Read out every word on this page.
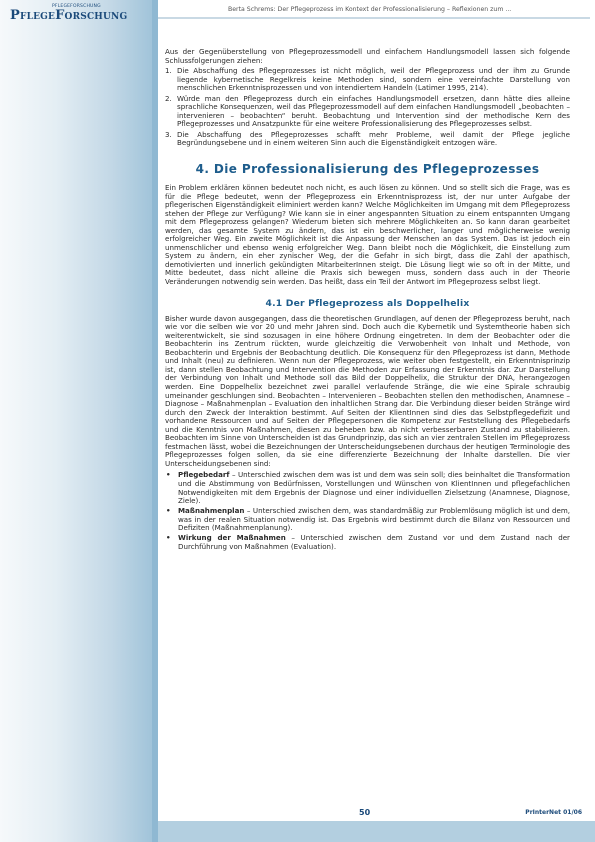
PFLEGEFORSCHUNG
PflegeForschung	Berta Schrems: Der Pflegeprozess im Kontext der Professionalisierung – Reflexionen zum ...

Aus der Gegenüberstellung von Pflegeprozessmodell und einfachem Handlungsmodell lassen sich folgende Schlussfolgerungen ziehen:

1. Die Abschaffung des Pflegeprozesses ist nicht möglich, weil der Pflegeprozess und der ihm zu Grunde liegende kybernetische Regelkreis keine Methoden sind, sondern eine vereinfachte Darstellung von menschlichen Erkenntnisprozessen und von intendiertem Handeln (Latimer 1995, 214).
2. Würde man den Pflegeprozess durch ein einfaches Handlungsmodell ersetzen, dann hätte dies alleine sprachliche Konsequenzen, weil das Pflegeprozessmodell auf dem einfachen Handlungsmodell „beobachten – intervenieren – beobachten“ beruht. Beobachtung und Intervention sind der methodische Kern des Pflegeprozesses und Ansatzpunkte für eine weitere Professionalisierung des Pflegeprozesses selbst.
3. Die Abschaffung des Pflegeprozesses schafft mehr Probleme, weil damit der Pflege jegliche Begründungsebene und in einem weiteren Sinn auch die Eigenständigkeit entzogen wäre.
4. Die Professionalisierung des Pflegeprozesses

Ein Problem erklären können bedeutet noch nicht, es auch lösen zu können. Und so stellt sich die Frage, was es für die Pflege bedeutet, wenn der Pflegeprozess ein Erkenntnisprozess ist, der nur unter Aufgabe der pflegerischen Eigenständigkeit eliminiert werden kann? Welche Möglichkeiten im Umgang mit dem Pflegeprozess stehen der Pflege zur Verfügung? Wie kann sie in einer angespannten Situation zu einem entspannten Umgang mit dem Pflegeprozess gelangen? Wiederum bieten sich mehrere Möglichkeiten an. So kann daran gearbeitet werden, das gesamte System zu ändern, das ist ein beschwerlicher, langer und möglicherweise wenig erfolgreicher Weg. Ein zweite Möglichkeit ist die Anpassung der Menschen an das System. Das ist jedoch ein unmenschlicher und ebenso wenig erfolgreicher Weg. Dann bleibt noch die Möglichkeit, die Einstellung zum System zu ändern, ein eher zynischer Weg, der die Gefahr in sich birgt, dass die Zahl der apathisch, demotivierten und innerlich gekündigten MitarbeiterInnen steigt. Die Lösung liegt wie so oft in der Mitte, und Mitte bedeutet, dass nicht alleine die Praxis sich bewegen muss, sondern dass auch in der Theorie Veränderungen notwendig sein werden. Das heißt, dass ein Teil der Antwort im Pflegeprozess selbst liegt.

4.1 Der Pflegeprozess als Doppelhelix

Bisher wurde davon ausgegangen, dass die theoretischen Grundlagen, auf denen der Pflegeprozess beruht, nach wie vor die selben wie vor 20 und mehr Jahren sind. Doch auch die Kybernetik und Systemtheorie haben sich weiterentwickelt, sie sind sozusagen in eine höhere Ordnung eingetreten. In dem der Beobachter oder die Beobachterin ins Zentrum rückten, wurde gleichzeitig die Verwobenheit von Inhalt und Methode, von Beobachterin und Ergebnis der Beobachtung deutlich. Die Konsequenz für den Pflegeprozess ist dann, Methode und Inhalt (neu) zu definieren. Wenn nun der Pflegeprozess, wie weiter oben festgestellt, ein Erkenntnisprinzip ist, dann stellen Beobachtung und Intervention die Methoden zur Erfassung der Erkenntnis dar. Zur Darstellung der Verbindung von Inhalt und Methode soll das Bild der Doppelhelix, die Struktur der DNA, herangezogen werden. Eine Doppelhelix bezeichnet zwei parallel verlaufende Stränge, die wie eine Spirale schraubig umeinander geschlungen sind. Beobachten – Intervenieren – Beobachten stellen den methodischen, Anamnese – Diagnose – Maßnahmenplan – Evaluation den inhaltlichen Strang dar. Die Verbindung dieser beiden Stränge wird durch den Zweck der Interaktion bestimmt. Auf Seiten der KlientInnen sind dies das Selbstpflegedefizit und vorhandene Ressourcen und auf Seiten der Pflegepersonen die Kompetenz zur Feststellung des Pflegebedarfs und die Kenntnis von Maßnahmen, diesen zu beheben bzw. ab nicht verbesserbaren Zustand zu stabilisieren. Beobachten im Sinne von Unterscheiden ist das Grundprinzip, das sich an vier zentralen Stellen im Pflegeprozess festmachen lässt, wobei die Bezeichnungen der Unterscheidungsebenen durchaus der heutigen Terminologie des Pflegeprozesses folgen sollen, da sie eine differenzierte Bezeichnung der Inhalte darstellen. Die vier Unterscheidungsebenen sind:

• Pflegebedarf – Unterschied zwischen dem was ist und dem was sein soll; dies beinhaltet die Transformation und die Abstimmung von Bedürfnissen, Vorstellungen und Wünschen von KlientInnen und pflegefachlichen Notwendigkeiten mit dem Ergebnis der Diagnose und einer individuellen Zielsetzung (Anamnese, Diagnose, Ziele).
• Maßnahmenplan – Unterschied zwischen dem, was standardmäßig zur Problemlösung möglich ist und dem, was in der realen Situation notwendig ist. Das Ergebnis wird bestimmt durch die Bilanz von Ressourcen und Defiziten (Maßnahmenplanung).
• Wirkung der Maßnahmen – Unterschied zwischen dem Zustand vor und dem Zustand nach der Durchführung von Maßnahmen (Evaluation).
50	PrInterNet 01/06
